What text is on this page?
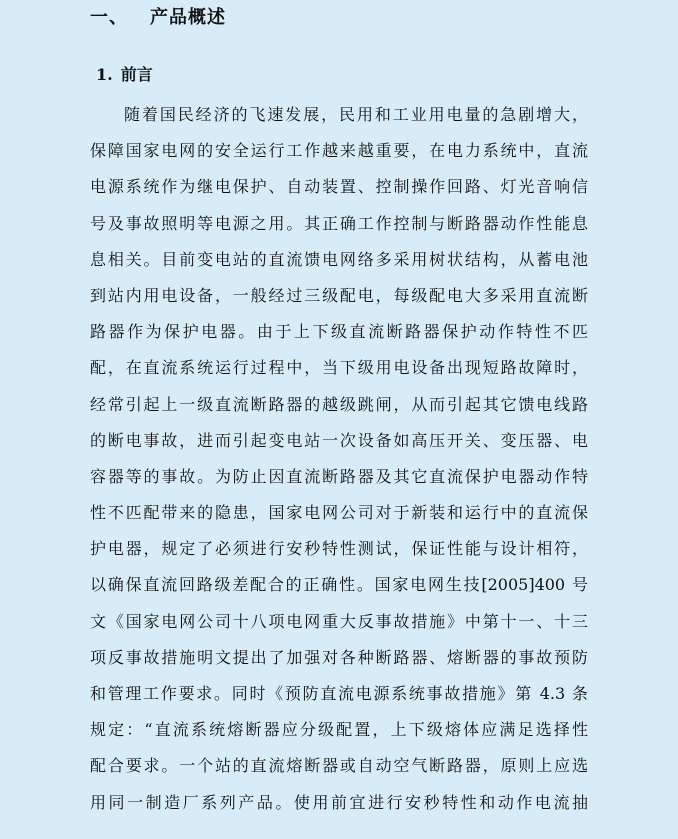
一、 产品概述
1. 前言
随着国民经济的飞速发展，民用和工业用电量的急剧增大，
保障国家电网的安全运行工作越来越重要，在电力系统中，直流
电源系统作为继电保护、自动装置、控制操作回路、灯光音响信
号及事故照明等电源之用。其正确工作控制与断路器动作性能息
息相关。目前变电站的直流馈电网络多采用树状结构，从蓄电池
到站内用电设备，一般经过三级配电，每级配电大多采用直流断
路器作为保护电器。由于上下级直流断路器保护动作特性不匹
配，在直流系统运行过程中，当下级用电设备出现短路故障时，
经常引起上一级直流断路器的越级跳闸，从而引起其它馈电线路
的断电事故，进而引起变电站一次设备如高压开关、变压器、电
容器等的事故。为防止因直流断路器及其它直流保护电器动作特
性不匹配带来的隐患，国家电网公司对于新装和运行中的直流保
护电器，规定了必须进行安秒特性测试，保证性能与设计相符，
以确保直流回路级差配合的正确性。国家电网生技[2005]400 号
文《国家电网公司十八项电网重大反事故措施》中第十一、十三
项反事故措施明文提出了加强对各种断路器、熔断器的事故预防
和管理工作要求。同时《预防直流电源系统事故措施》第 4.3 条
规定：“直流系统熔断器应分级配置，上下级熔体应满足选择性
配合要求。一个站的直流熔断器或自动空气断路器，原则上应选
用同一制造厂系列产品。使用前宜进行安秒特性和动作电流抽
